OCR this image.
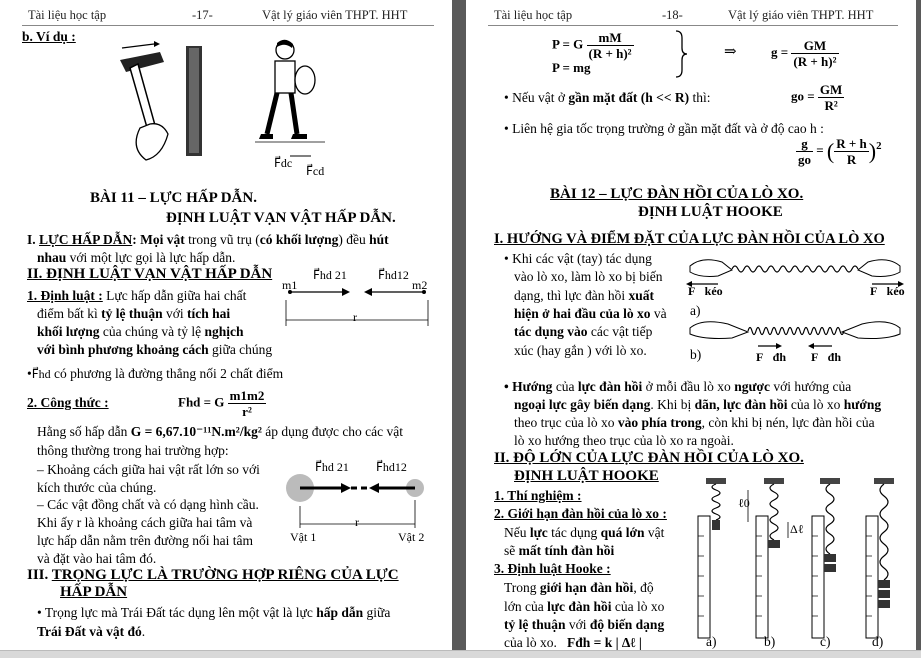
Tài liệu học tập	-17-	Vật lý giáo viên THPT. HHT
b. Ví dụ :
F⃗dc
F⃗cd
BÀI 11 – LỰC HẤP DẪN.
ĐỊNH LUẬT VẠN VẬT HẤP DẪN.
I. LỰC HẤP DẪN: Mọi vật trong vũ trụ (có khối lượng) đều hút
nhau với một lực gọi là lực hấp dẫn.
II. ĐỊNH LUẬT VẠN VẬT HẤP DẪN
1. Định luật : Lực hấp dẫn giữa hai chất
điểm bất kì tỷ lệ thuận với tích hai
khối lượng của chúng và tỷ lệ nghịch
với bình phương khoảng cách giữa chúng
m1	m2
F⃗hd 21	F⃗hd12
r
•F⃗hd có phương là đường thẳng nối 2 chất điểm
2. Công thức :	Fhd = G $\frac{m1m2}{\text{r²}}$
Hằng số hấp dẫn G = 6,67.10⁻¹¹N.m²/kg² áp dụng được cho các vật
thông thường trong hai trường hợp:
– Khoảng cách giữa hai vật rất lớn so với
kích thước của chúng.
– Các vật đồng chất và có dạng hình cầu.
Khi ấy r là khoảng cách giữa hai tâm và
lực hấp dẫn nằm trên đường nối hai tâm
và đặt vào hai tâm đó.
F⃗hd 21 F⃗hd12
r
Vật 1	Vật 2
III. TRỌNG LỰC LÀ TRƯỜNG HỢP RIÊNG CỦA LỰC
HẤP DẪN
• Trọng lực mà Trái Đất tác dụng lên một vật là lực hấp dẫn giữa
Trái Đất và vật đó.
Tài liệu học tập	-18-	Vật lý giáo viên THPT. HHT
P = G $\frac{mM}{\text{(R + h)²}}$
P = mg
⇒	$g = \frac{GM}{\text{(R + h)²}}$
• Nếu vật ở gần mặt đất (h << R) thì:	go = $\frac{GM}{\text{R²}}$
• Liên hệ gia tốc trọng trường ở gần mặt đất và ở độ cao h :
$\frac{g}{go}$ = ( $\frac{R + h}{R} )^2$
BÀI 12 – LỰC ĐÀN HỒI CỦA LÒ XO.
ĐỊNH LUẬT HOOKE
I. HƯỚNG VÀ ĐIỂM ĐẶT CỦA LỰC ĐÀN HỒI CỦA LÒ XO
• Khi các vật (tay) tác dụng
vào lò xo, làm lò xo bị biến
dạng, thì lực đàn hồi xuất
hiện ở hai đầu của lò xo và
tác dụng vào các vật tiếp
xúc (hay gắn ) với lò xo.
F⃗kéo	F⃗kéo
a)
b)	F⃗đh F⃗đh
• Hướng của lực đàn hồi ở mỗi đầu lò xo ngược với hướng của
ngoại lực gây biến dạng. Khi bị dãn, lực đàn hồi của lò xo hướng
theo trục của lò xo vào phía trong, còn khi bị nén, lực đàn hồi của
lò xo hướng theo trục của lò xo ra ngoài.
II. ĐỘ LỚN CỦA LỰC ĐÀN HỒI CỦA LÒ XO.
ĐỊNH LUẬT HOOKE
1. Thí nghiệm :
2. Giới hạn đàn hồi của lò xo :
Nếu lực tác dụng quá lớn vật
sẽ mất tính đàn hồi
3. Định luật Hooke :
Trong giới hạn đàn hồi, độ
lớn của lực đàn hồi của lò xo
tỷ lệ thuận với độ biến dạng
của lò xo. Fđh = k | Δℓ |
ℓ0
Δℓ
a)	b)	c)	d)
